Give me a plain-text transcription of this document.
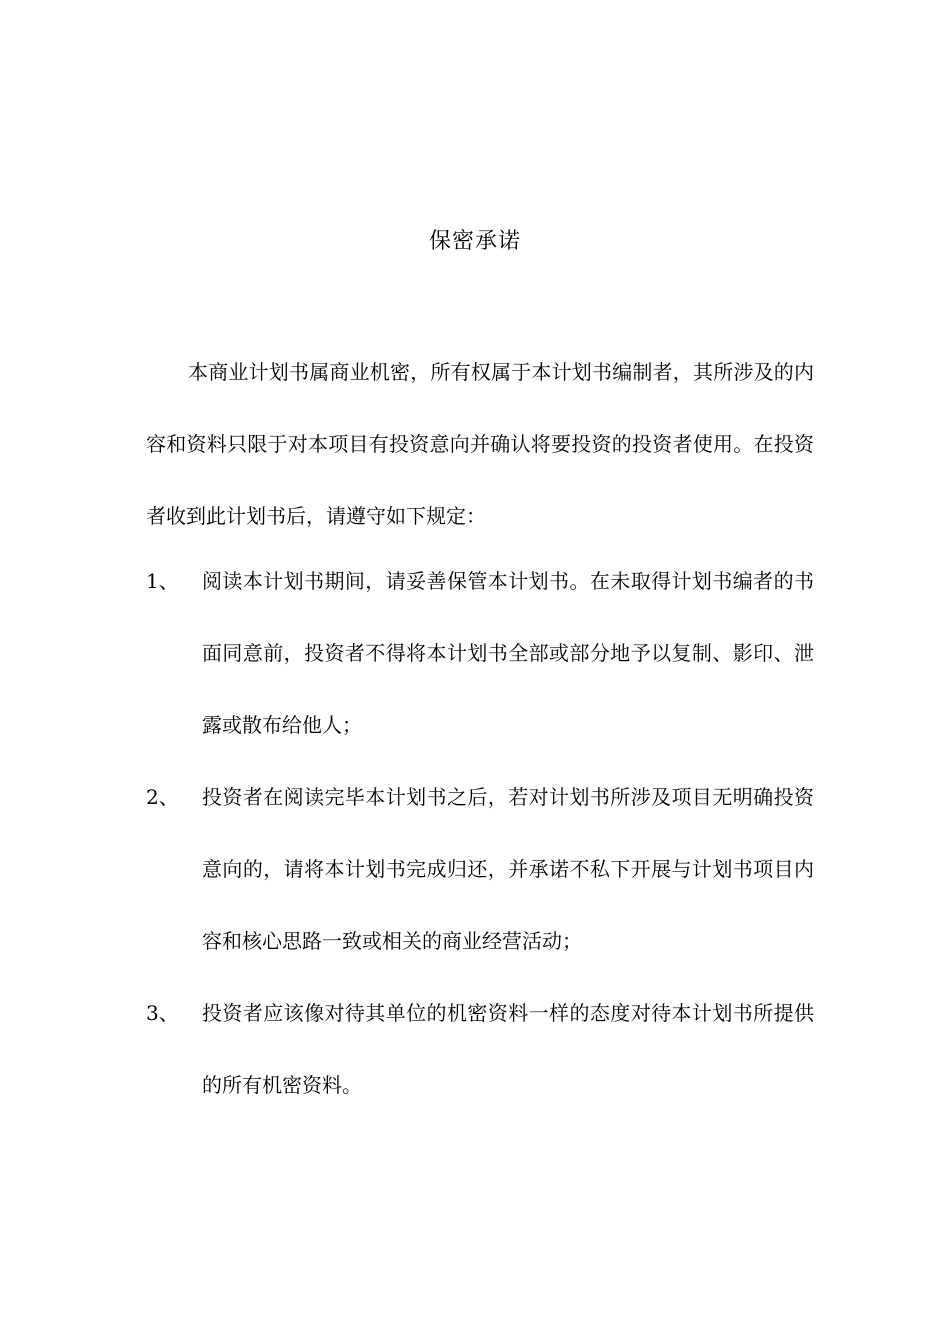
保密承诺

本商业计划书属商业机密，所有权属于本计划书编制者，其所涉及的内容和资料只限于对本项目有投资意向并确认将要投资的投资者使用。在投资者收到此计划书后，请遵守如下规定：

1、	阅读本计划书期间，请妥善保管本计划书。在未取得计划书编者的书面同意前，投资者不得将本计划书全部或部分地予以复制、影印、泄露或散布给他人；
2、	投资者在阅读完毕本计划书之后，若对计划书所涉及项目无明确投资意向的，请将本计划书完成归还，并承诺不私下开展与计划书项目内容和核心思路一致或相关的商业经营活动；
3、	投资者应该像对待其单位的机密资料一样的态度对待本计划书所提供的所有机密资料。
